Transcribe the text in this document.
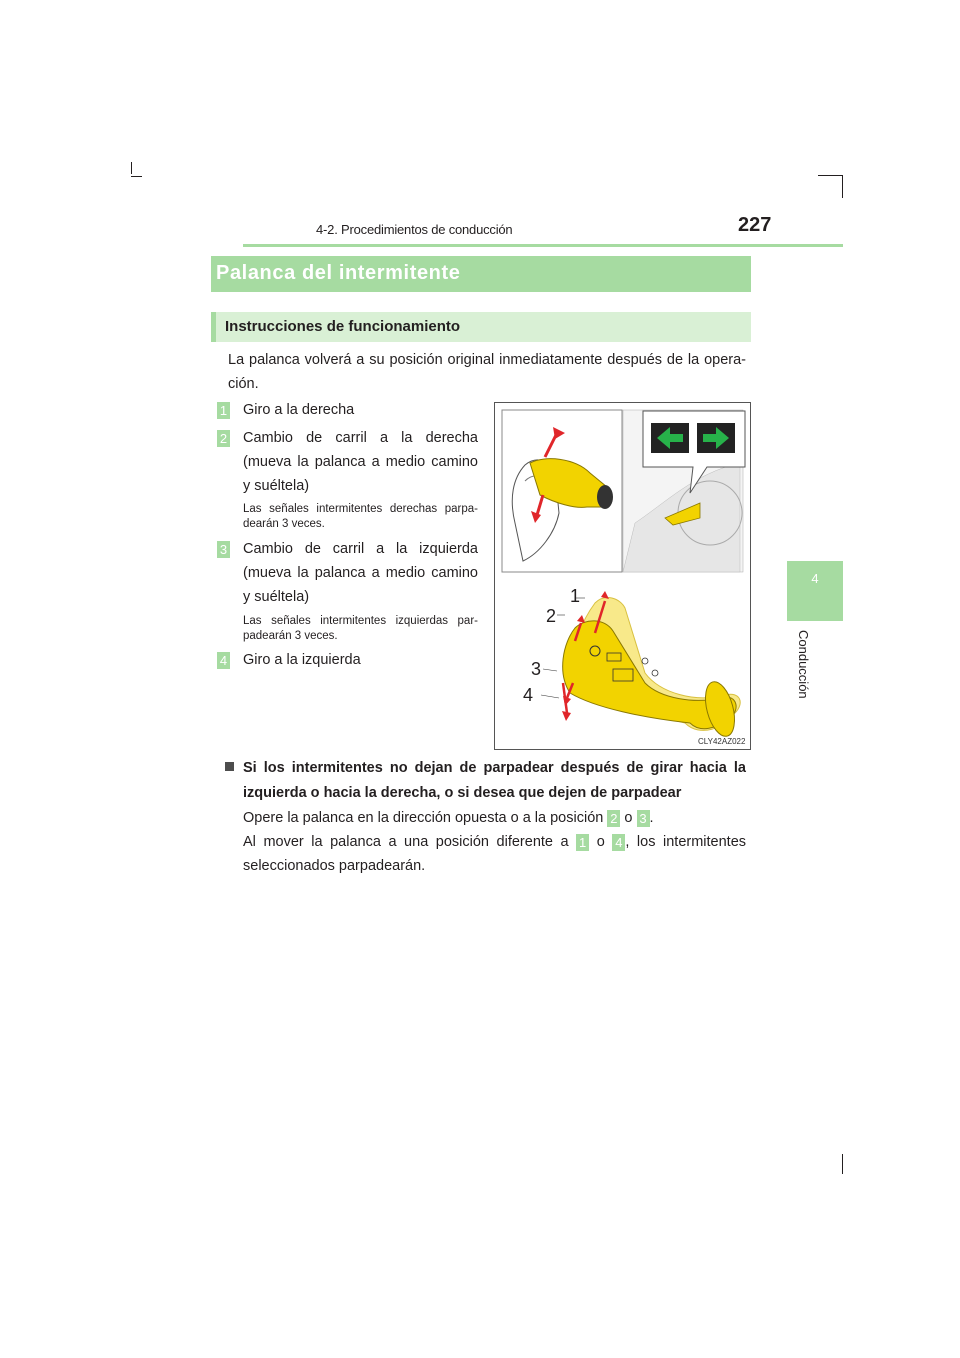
4-2. Procedimientos de conducción	227
4
Conducción
Palanca del intermitente
Instrucciones de funcionamiento
La palanca volverá a su posición original inmediatamente después de la opera-ción.
1 Giro a la derecha
2 Cambio de carril a la derecha (mueva la palanca a medio camino y suéltela)
Las señales intermitentes derechas parpa-dearán 3 veces.
3 Cambio de carril a la izquierda (mueva la palanca a medio camino y suéltela)
Las señales intermitentes izquierdas par-padearán 3 veces.
4 Giro a la izquierda
1
2
3
4
CLY42AZ022
Si los intermitentes no dejan de parpadear después de girar hacia la izquierda o hacia la derecha, o si desea que dejen de parpadear
Opere la palanca en la dirección opuesta o a la posición 2 o 3 .
Al mover la palanca a una posición diferente a 1 o 4 , los intermitentes seleccionados parpadearán.
